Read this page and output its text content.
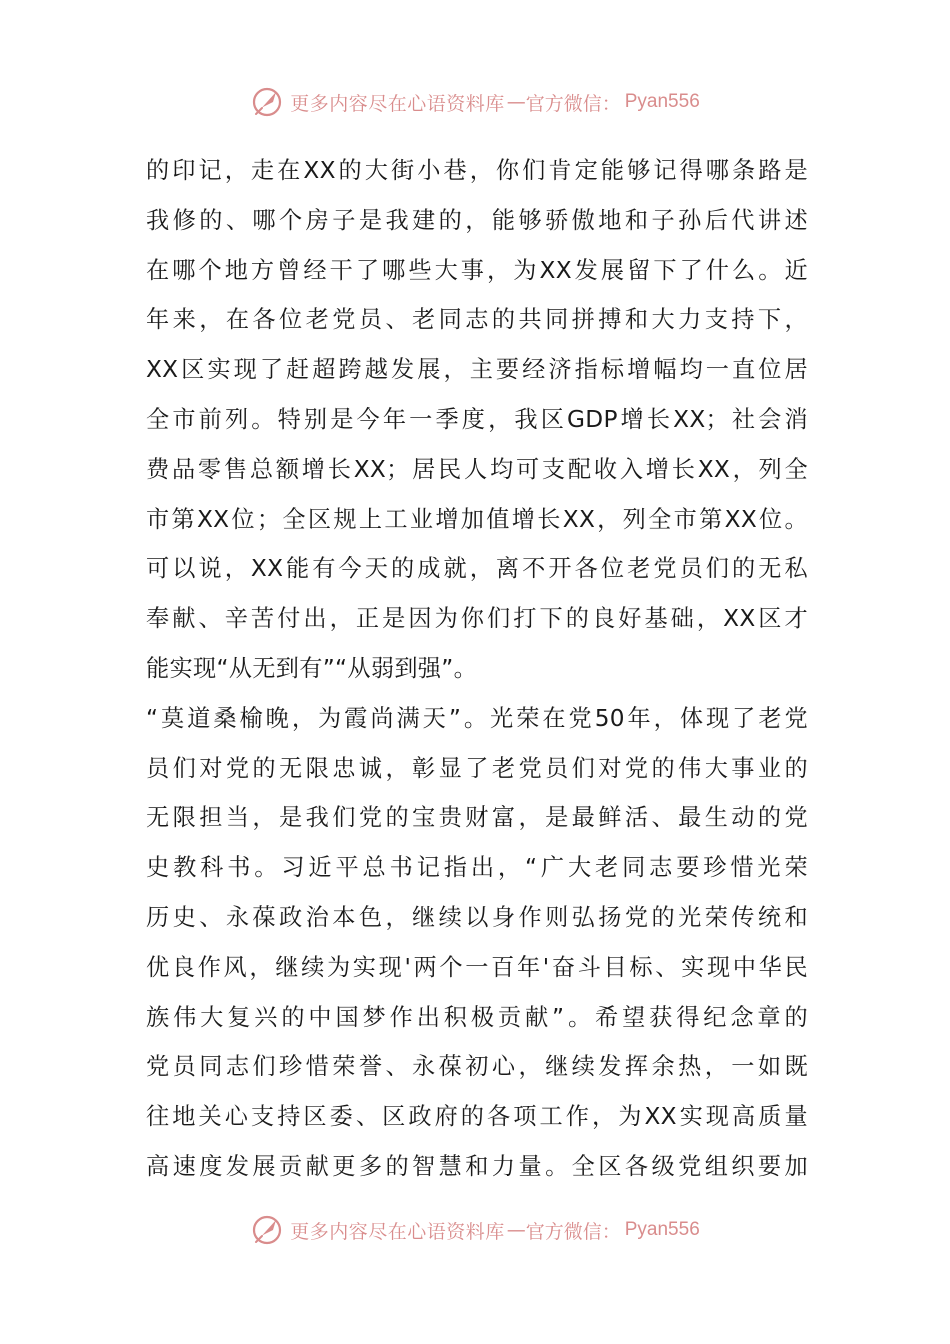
更多内容尽在心语资料库 — 官方微信： Pyan556
的印记，走在XX的大街小巷，你们肯定能够记得哪条路是
我修的、哪个房子是我建的，能够骄傲地和子孙后代讲述
在哪个地方曾经干了哪些大事，为XX发展留下了什么。近
年来，在各位老党员、老同志的共同拼搏和大力支持下，
XX区实现了赶超跨越发展，主要经济指标增幅均一直位居
全市前列。特别是今年一季度，我区GDP增长XX；社会消
费品零售总额增长XX；居民人均可支配收入增长XX，列全
市第XX位；全区规上工业增加值增长XX，列全市第XX位。
可以说，XX能有今天的成就，离不开各位老党员们的无私
奉献、辛苦付出，正是因为你们打下的良好基础，XX区才
能实现“从无到有”“从弱到强”。
“莫道桑榆晚，为霞尚满天”。光荣在党50年，体现了老党
员们对党的无限忠诚，彰显了老党员们对党的伟大事业的
无限担当，是我们党的宝贵财富，是最鲜活、最生动的党
史教科书。习近平总书记指出，“广大老同志要珍惜光荣
历史、永葆政治本色，继续以身作则弘扬党的光荣传统和
优良作风，继续为实现'两个一百年'奋斗目标、实现中华民
族伟大复兴的中国梦作出积极贡献”。希望获得纪念章的
党员同志们珍惜荣誉、永葆初心，继续发挥余热，一如既
往地关心支持区委、区政府的各项工作，为XX实现高质量
高速度发展贡献更多的智慧和力量。全区各级党组织要加
更多内容尽在心语资料库 — 官方微信： Pyan556
